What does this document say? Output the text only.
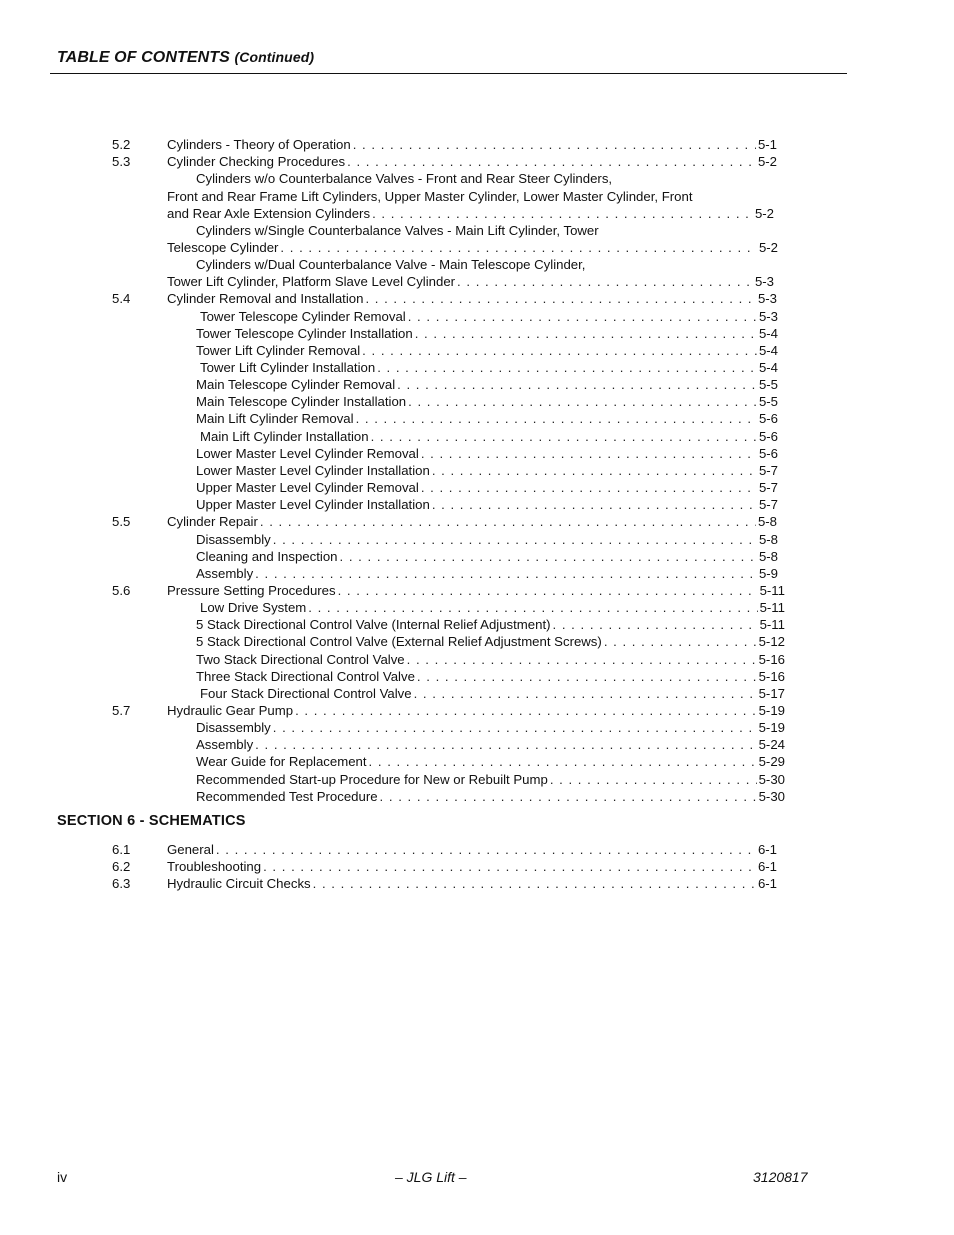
TABLE OF CONTENTS (Continued)
5.2	Cylinders - Theory of Operation . . .	5-1
5.3	Cylinder Checking Procedures . . .	5-2
Cylinders w/o Counterbalance Valves - Front and Rear Steer Cylinders,
Front and Rear Frame Lift Cylinders, Upper Master Cylinder, Lower Master Cylinder, Front
and Rear Axle Extension Cylinders . . .	5-2
Cylinders w/Single Counterbalance Valves - Main Lift Cylinder, Tower
Telescope Cylinder . . .	5-2
Cylinders w/Dual Counterbalance Valve - Main Telescope Cylinder,
Tower Lift Cylinder, Platform Slave Level Cylinder . . .	5-3
5.4	Cylinder Removal and Installation . . .	5-3
Tower Telescope Cylinder Removal . . .	5-3
Tower Telescope Cylinder Installation . . .	5-4
Tower Lift Cylinder Removal . . .	5-4
Tower Lift Cylinder Installation . . .	5-4
Main Telescope Cylinder Removal . . .	5-5
Main Telescope Cylinder Installation . . .	5-5
Main Lift Cylinder Removal . . .	5-6
Main Lift Cylinder Installation . . .	5-6
Lower Master Level Cylinder Removal . . .	5-6
Lower Master Level Cylinder Installation . . .	5-7
Upper Master Level Cylinder Removal . . .	5-7
Upper Master Level Cylinder Installation . . .	5-7
5.5	Cylinder Repair . . .	5-8
Disassembly . . .	5-8
Cleaning and Inspection . . .	5-8
Assembly . . .	5-9
5.6	Pressure Setting Procedures . . .	5-11
Low Drive System . . .	5-11
5 Stack Directional Control Valve (Internal Relief Adjustment) . . .	5-11
5 Stack Directional Control Valve (External Relief Adjustment Screws) . . .	5-12
Two Stack Directional Control Valve . . .	5-16
Three Stack Directional Control Valve . . .	5-16
Four Stack Directional Control Valve . . .	5-17
5.7	Hydraulic Gear Pump . . .	5-19
Disassembly . . .	5-19
Assembly . . .	5-24
Wear Guide for Replacement . . .	5-29
Recommended Start-up Procedure for New or Rebuilt Pump . . .	5-30
Recommended Test Procedure . . .	5-30
SECTION 6 - SCHEMATICS
6.1	General . . .	6-1
6.2	Troubleshooting . . .	6-1
6.3	Hydraulic Circuit Checks . . .	6-1
iv	– JLG Lift –	3120817
